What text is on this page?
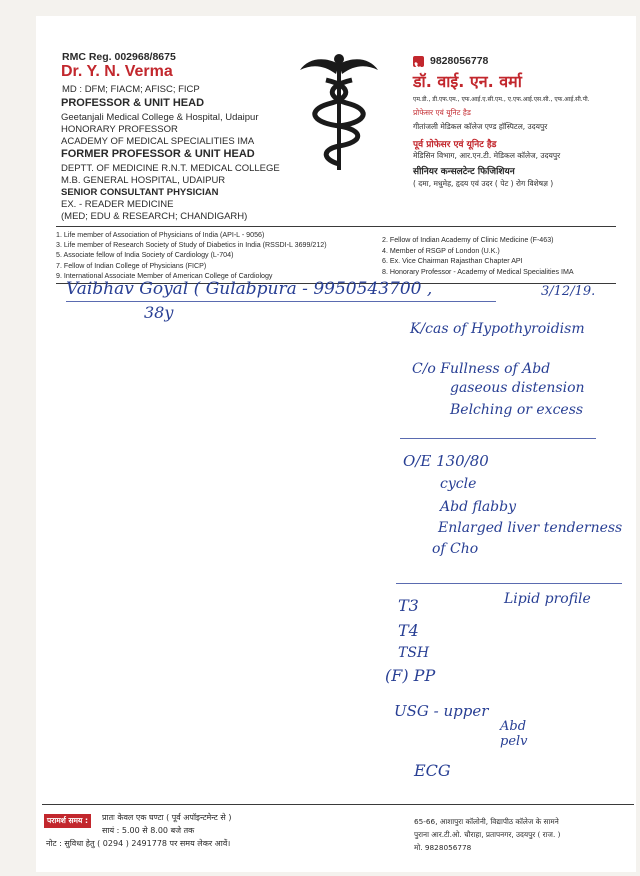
RMC Reg. 002968/8675
Dr. Y. N. Verma
MD : DFM; FIACM; AFISC; FICP
PROFESSOR & UNIT HEAD
Geetanjali Medical College & Hospital, Udaipur
HONORARY PROFESSOR
ACADEMY OF MEDICAL SPECIALITIES IMA
FORMER PROFESSOR & UNIT HEAD
DEPTT. OF MEDICINE R.N.T. MEDICAL COLLEGE
M.B. GENERAL HOSPITAL, UDAIPUR
SENIOR CONSULTANT PHYSICIAN
EX. - READER MEDICINE
(MED; EDU & RESEARCH; CHANDIGARH)
9828056778
डॉ. वाई. एन. वर्मा
एम.डी., डी.एफ.एम., एफ.आई.ए.सी.एम., ए.एफ.आई.एस.सी., एफ.आई.सी.पी.
प्रोफेसर एवं यूनिट हैड
गीतांजली मेडिकल कॉलेज एण्ड हॉस्पिटल, उदयपुर
पूर्व प्रोफेसर एवं यूनिट हैड
मेडिसिन विभाग, आर.एन.टी. मेडिकल कॉलेज, उदयपुर
सीनियर कन्सलटेन्ट फिजिशियन
( दमा, मधुमेह, हृदय एवं उदर ( पेट ) रोग विशेषज्ञ )
1. Life member of Association of Physicians of India (API-L - 9056)
3. Life member of Research Society of Study of Diabetics in India (RSSDI-L 3699/212)
5. Associate fellow of India Society of Cardiology (L-704)
7. Fellow of Indian College of Physicians (FICP)
9. International Associate Member of American College of Cardiology
2. Fellow of Indian Academy of Clinic Medicine (F-463)
4. Member of RSGP of London (U.K.)
6. Ex. Vice Chairman Rajasthan Chapter API
8. Honorary Professor - Academy of Medical Specialities IMA
Vaibhav Goyal ( Gulabpura - 9950543700 ,	3/12/19.
38y
K/cas of Hypothyroidism
C/o Fullness of Abd
gaseous distension
Belching or excess
O/E 130/80
cycle
Abd flabby
Enlarged liver tenderness
of Cho
T3	Lipid profile
T4
TSH
(F) PP
USG - upper
Abd
pelv
ECG
परामर्श समय :	प्रातः केवल एक घण्टा ( पूर्व अपॉइन्टमेन्ट से )
सायं : 5.00 से 8.00 बजे तक
नोट : सुविधा हेतु ( 0294 ) 2491778 पर समय लेकर आवें।
65-66, आशापुरा कॉलोनी, विद्यापीठ कॉलेज के सामने
पुराना आर.टी.ओ. चौराहा, प्रतापनगर, उदयपुर ( राज. )
मो. 9828056778
